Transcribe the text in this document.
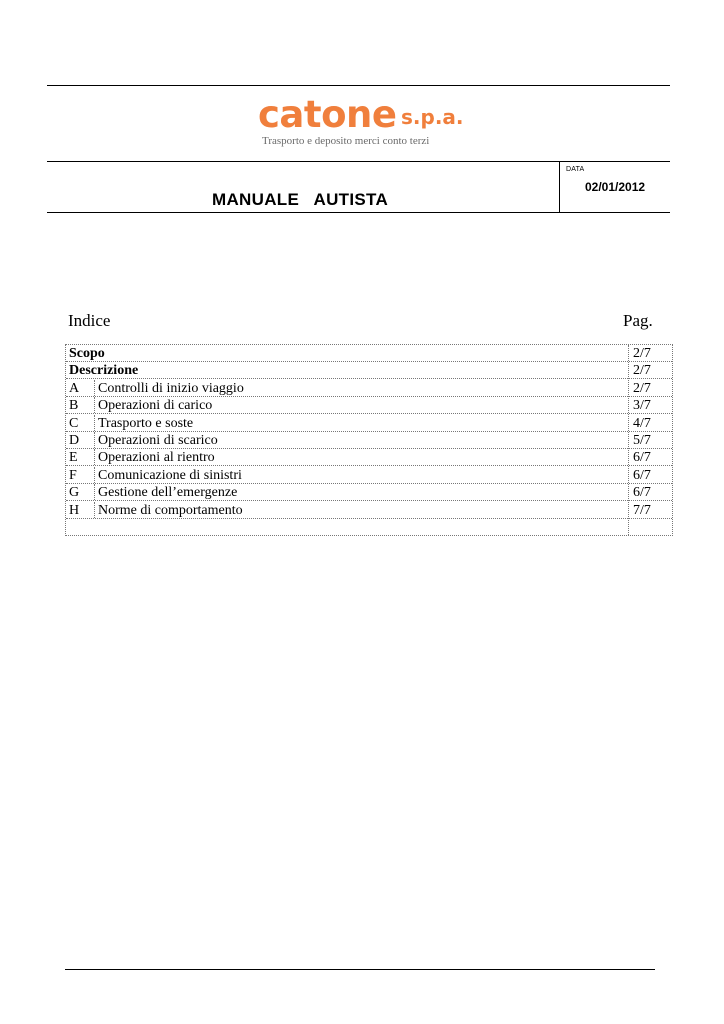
catone s.p.a.
Trasporto e deposito merci conto terzi
MANUALE   AUTISTA
DATA
02/01/2012
Indice	Pag.
Scopo	2/7
Descrizione	2/7
A Controlli di inizio viaggio	2/7
B Operazioni di carico	3/7
C Trasporto e soste	4/7
D Operazioni di scarico	5/7
E Operazioni al rientro	6/7
F Comunicazione di sinistri	6/7
G Gestione dell’emergenze	6/7
H Norme di comportamento	7/7
